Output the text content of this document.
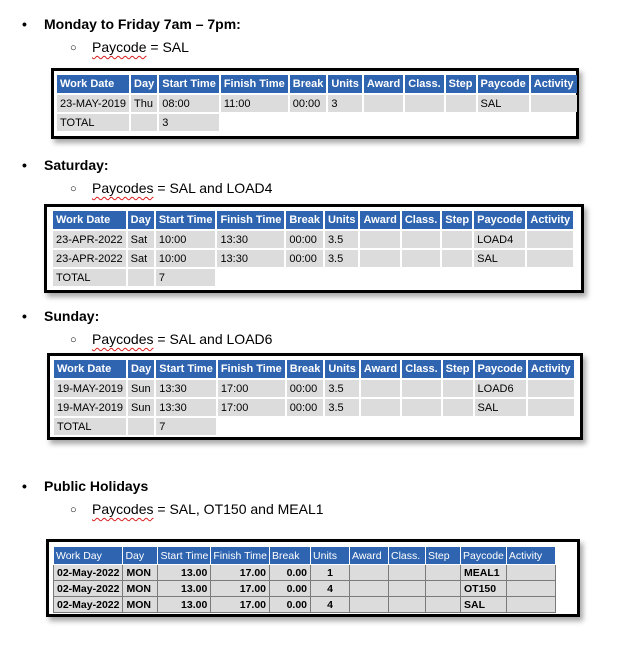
• Monday to Friday 7am – 7pm:
○ Paycode = SAL
Work Date	Day	Start Time	Finish Time	Break	Units	Award	Class.	Step	Paycode	Activity
23-MAY-2019	Thu	08:00	11:00	00:00	3				SAL	
TOTAL		3								
• Saturday:
○ Paycodes = SAL and LOAD4
Work Date	Day	Start Time	Finish Time	Break	Units	Award	Class.	Step	Paycode	Activity
23-APR-2022	Sat	10:00	13:30	00:00	3.5				LOAD4	
23-APR-2022	Sat	10:00	13:30	00:00	3.5				SAL	
TOTAL		7								
• Sunday:
○ Paycodes = SAL and LOAD6
Work Date	Day	Start Time	Finish Time	Break	Units	Award	Class.	Step	Paycode	Activity
19-MAY-2019	Sun	13:30	17:00	00:00	3.5				LOAD6	
19-MAY-2019	Sun	13:30	17:00	00:00	3.5				SAL	
TOTAL		7								
• Public Holidays
○ Paycodes = SAL, OT150 and MEAL1
Work Day	Day	Start Time	Finish Time	Break	Units	Award	Class.	Step	Paycode	Activity
02-May-2022	MON	13.00	17.00	0.00	1				MEAL1	
02-May-2022	MON	13.00	17.00	0.00	4				OT150	
02-May-2022	MON	13.00	17.00	0.00	4				SAL	
